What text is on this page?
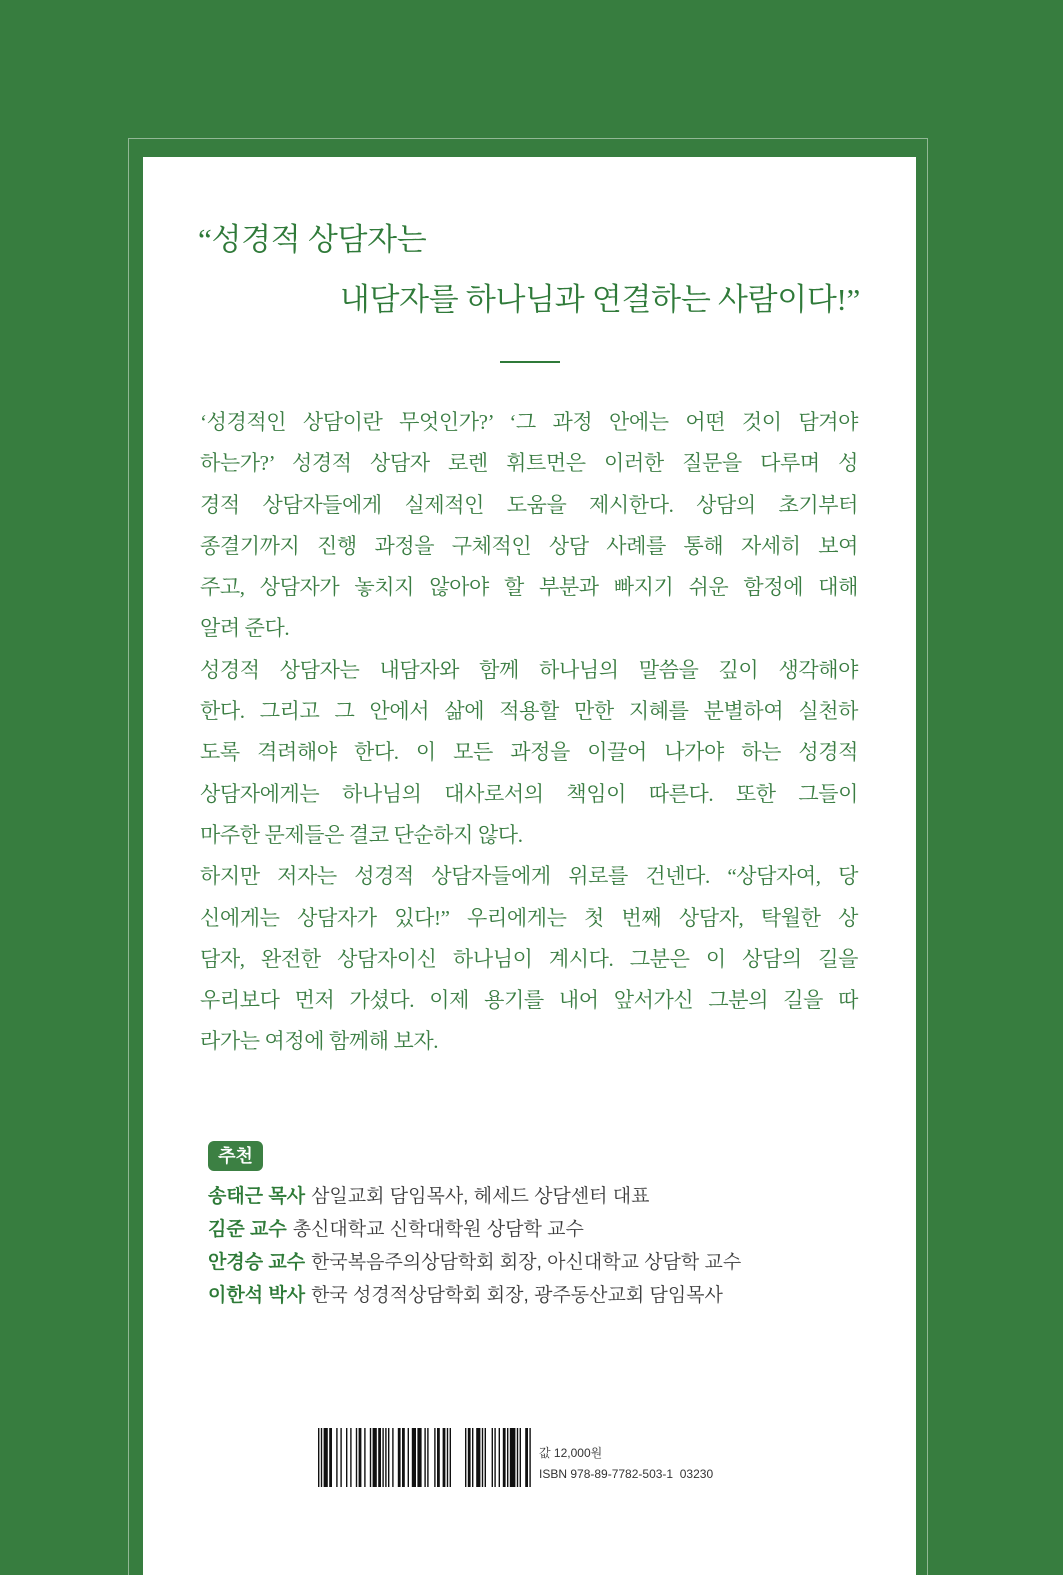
“성경적 상담자는
내담자를 하나님과 연결하는 사람이다!”
‘성경적인 상담이란 무엇인가?’ ‘그 과정 안에는 어떤 것이 담겨야
하는가?’ 성경적 상담자 로렌 휘트먼은 이러한 질문을 다루며 성
경적 상담자들에게 실제적인 도움을 제시한다. 상담의 초기부터
종결기까지 진행 과정을 구체적인 상담 사례를 통해 자세히 보여
주고, 상담자가 놓치지 않아야 할 부분과 빠지기 쉬운 함정에 대해
알려 준다.
성경적 상담자는 내담자와 함께 하나님의 말씀을 깊이 생각해야
한다. 그리고 그 안에서 삶에 적용할 만한 지혜를 분별하여 실천하
도록 격려해야 한다. 이 모든 과정을 이끌어 나가야 하는 성경적
상담자에게는 하나님의 대사로서의 책임이 따른다. 또한 그들이
마주한 문제들은 결코 단순하지 않다.
하지만 저자는 성경적 상담자들에게 위로를 건넨다. “상담자여, 당
신에게는 상담자가 있다!” 우리에게는 첫 번째 상담자, 탁월한 상
담자, 완전한 상담자이신 하나님이 계시다. 그분은 이 상담의 길을
우리보다 먼저 가셨다. 이제 용기를 내어 앞서가신 그분의 길을 따
라가는 여정에 함께해 보자.
추천
송태근 목사 삼일교회 담임목사, 헤세드 상담센터 대표
김준 교수 총신대학교 신학대학원 상담학 교수
안경승 교수 한국복음주의상담학회 회장, 아신대학교 상담학 교수
이한석 박사 한국 성경적상담학회 회장, 광주동산교회 담임목사
값 12,000원
ISBN 978-89-7782-503-1  03230
